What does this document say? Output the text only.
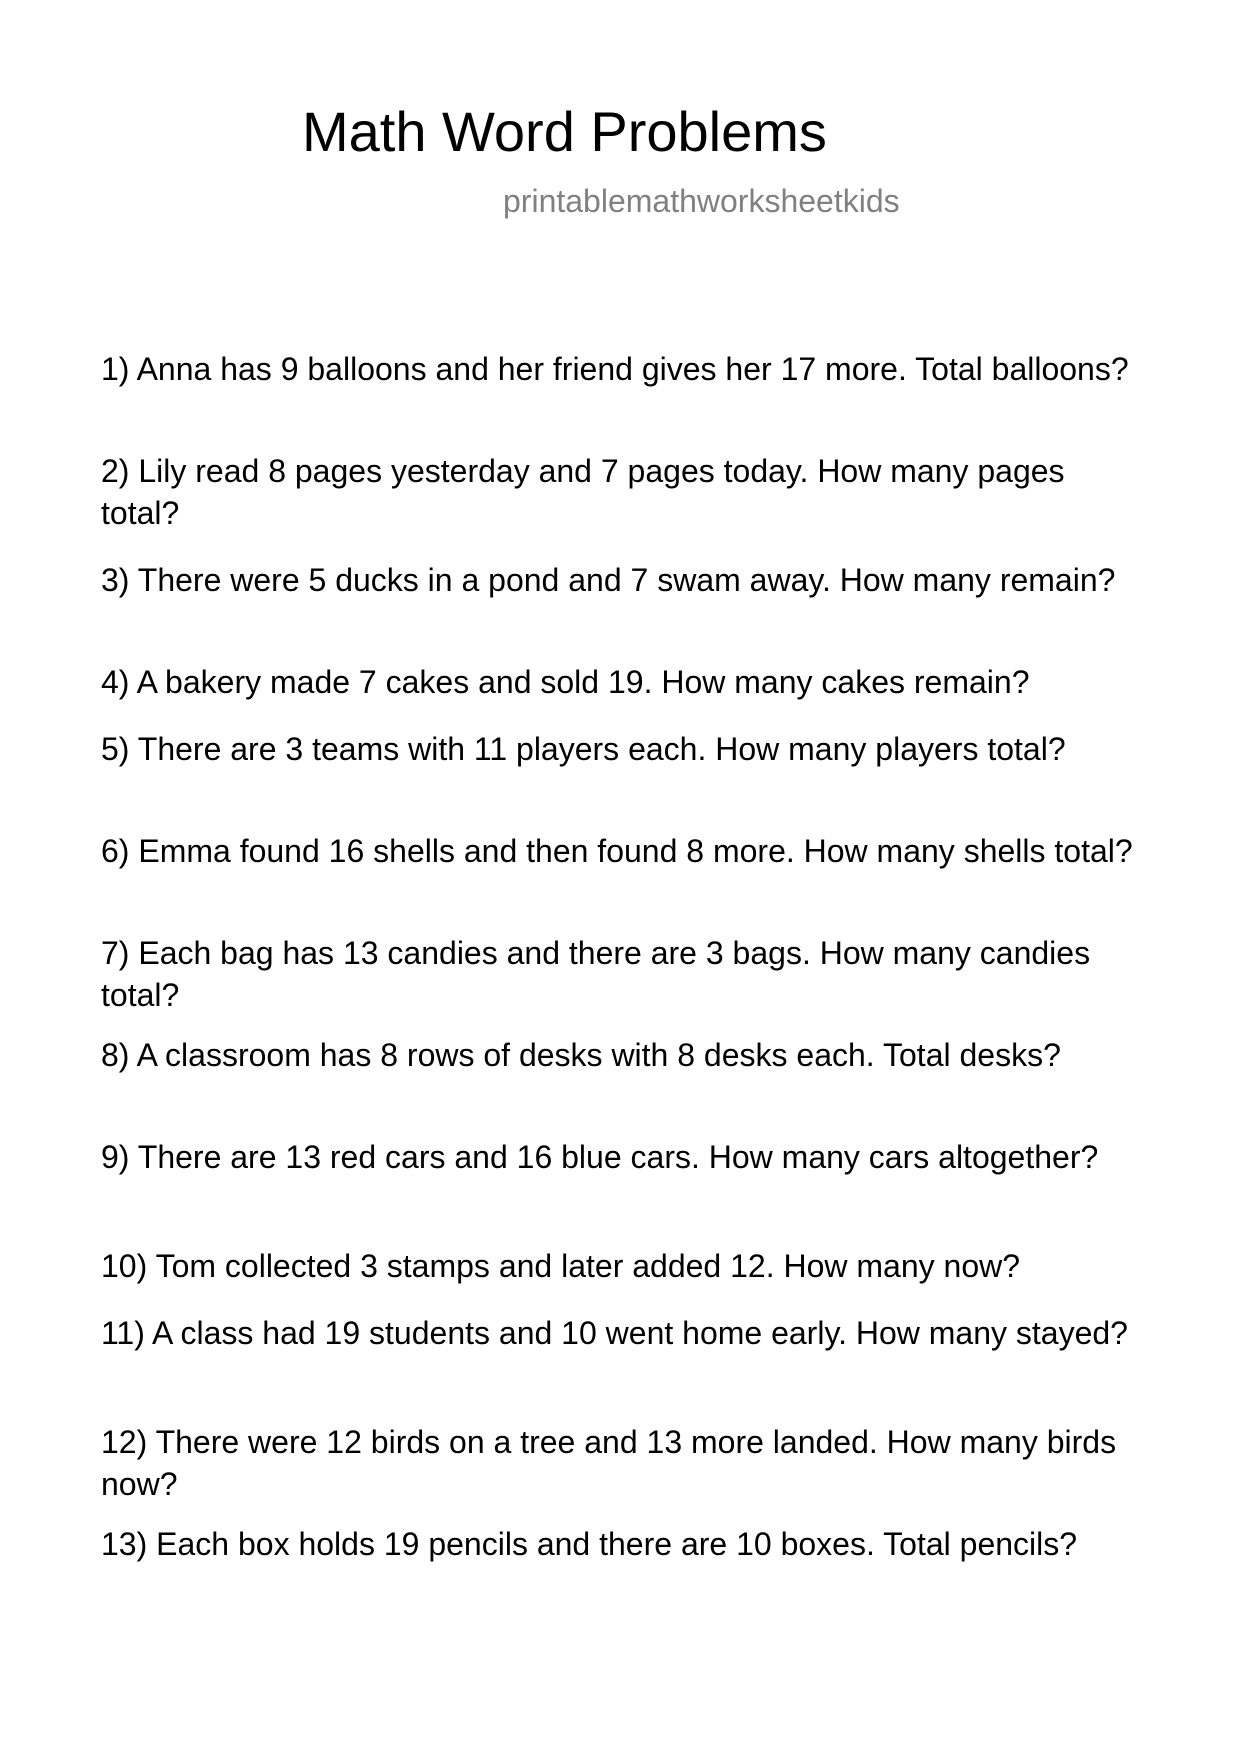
Math Word Problems
printablemathworksheetkids
1) Anna has 9 balloons and her friend gives her 17 more. Total balloons?
2) Lily read 8 pages yesterday and 7 pages today. How many pages total?
3) There were 5 ducks in a pond and 7 swam away. How many remain?
4) A bakery made 7 cakes and sold 19. How many cakes remain?
5) There are 3 teams with 11 players each. How many players total?
6) Emma found 16 shells and then found 8 more. How many shells total?
7) Each bag has 13 candies and there are 3 bags. How many candies total?
8) A classroom has 8 rows of desks with 8 desks each. Total desks?
9) There are 13 red cars and 16 blue cars. How many cars altogether?
10) Tom collected 3 stamps and later added 12. How many now?
11) A class had 19 students and 10 went home early. How many stayed?
12) There were 12 birds on a tree and 13 more landed. How many birds now?
13) Each box holds 19 pencils and there are 10 boxes. Total pencils?
